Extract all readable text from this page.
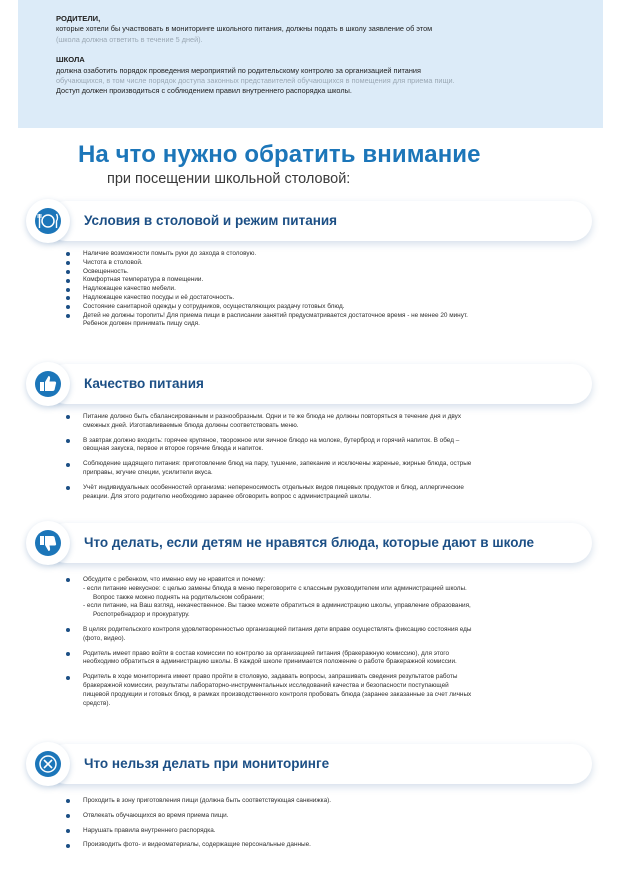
РОДИТЕЛИ,
которые хотели бы участвовать в мониторинге школьного питания, должны подать в школу заявление об этом
(школа должна ответить в течение 5 дней).
ШКОЛА
должна озаботить порядок проведения мероприятий по родительскому контролю за организацией питания
обучающихся, в том числе порядок доступа законных представителей обучающихся в помещения для приема пищи.
Доступ должен производиться с соблюдением правил внутреннего распорядка школы.
На что нужно обратить внимание

при посещении школьной столовой:

Условия в столовой и режим питания
Наличие возможности помыть руки до захода в столовую.
Чистота в столовой.
Освещенность.
Комфортная температура в помещении.
Надлежащее качество мебели.
Надлежащее качество посуды и её достаточность.
Состояние санитарной одежды у сотрудников, осуществляющих раздачу готовых блюд.
Детей не должны торопить! Для приема пищи в расписании занятий предусматривается достаточное время - не менее 20 минут.
Ребенок должен принимать пищу сидя.
Качество питания
Питание должно быть сбалансированным и разнообразным. Одни и те же блюда не должны повторяться в течение дня и двух
смежных дней. Изготавливаемые блюда должны соответствовать меню.
В завтрак должно входить: горячее крупяное, творожное или яичное блюдо на молоке, бутерброд и горячий напиток. В обед –
овощная закуска, первое и второе горячие блюда и напиток.
Соблюдение щадящего питания: приготовление блюд на пару, тушение, запекание и исключены жареные, жирные блюда, острые
приправы, жгучие специи, усилители вкуса.
Учёт индивидуальных особенностей организма: непереносимость отдельных видов пищевых продуктов и блюд, аллергические
реакции. Для этого родителю необходимо заранее обговорить вопрос с администрацией школы.
Что делать, если детям не нравятся блюда, которые дают в школе
Обсудите с ребенком, что именно ему не нравится и почему:
- если питание невкусное: с целью замены блюда в меню переговорите с классным руководителем или администрацией школы.
Вопрос также можно поднять на родительском собрании;
- если питание, на Ваш взгляд, некачественное. Вы также можете обратиться в администрацию школы, управление образования,
Роспотребнадзор и прокуратуру.
В целях родительского контроля удовлетворенностью организацией питания дети вправе осуществлять фиксацию состояния еды
(фото, видео).
Родитель имеет право войти в состав комиссии по контролю за организацией питания (бракеражную комиссию), для этого
необходимо обратиться в администрацию школы. В каждой школе принимается положение о работе бракеражной комиссии.
Родитель в ходе мониторинга имеет право пройти в столовую, задавать вопросы, запрашивать сведения результатов работы
бракеражной комиссии, результаты лабораторно-инструментальных исследований качества и безопасности поступающей
пищевой продукции и готовых блюд, в рамках производственного контроля пробовать блюда (заранее заказанные за счет личных
средств).
Что нельзя делать при мониторинге
Проходить в зону приготовления пищи (должна быть соответствующая санкнижка).
Отвлекать обучающихся во время приема пищи.
Нарушать правила внутреннего распорядка.
Производить фото- и видеоматериалы, содержащие персональные данные.
